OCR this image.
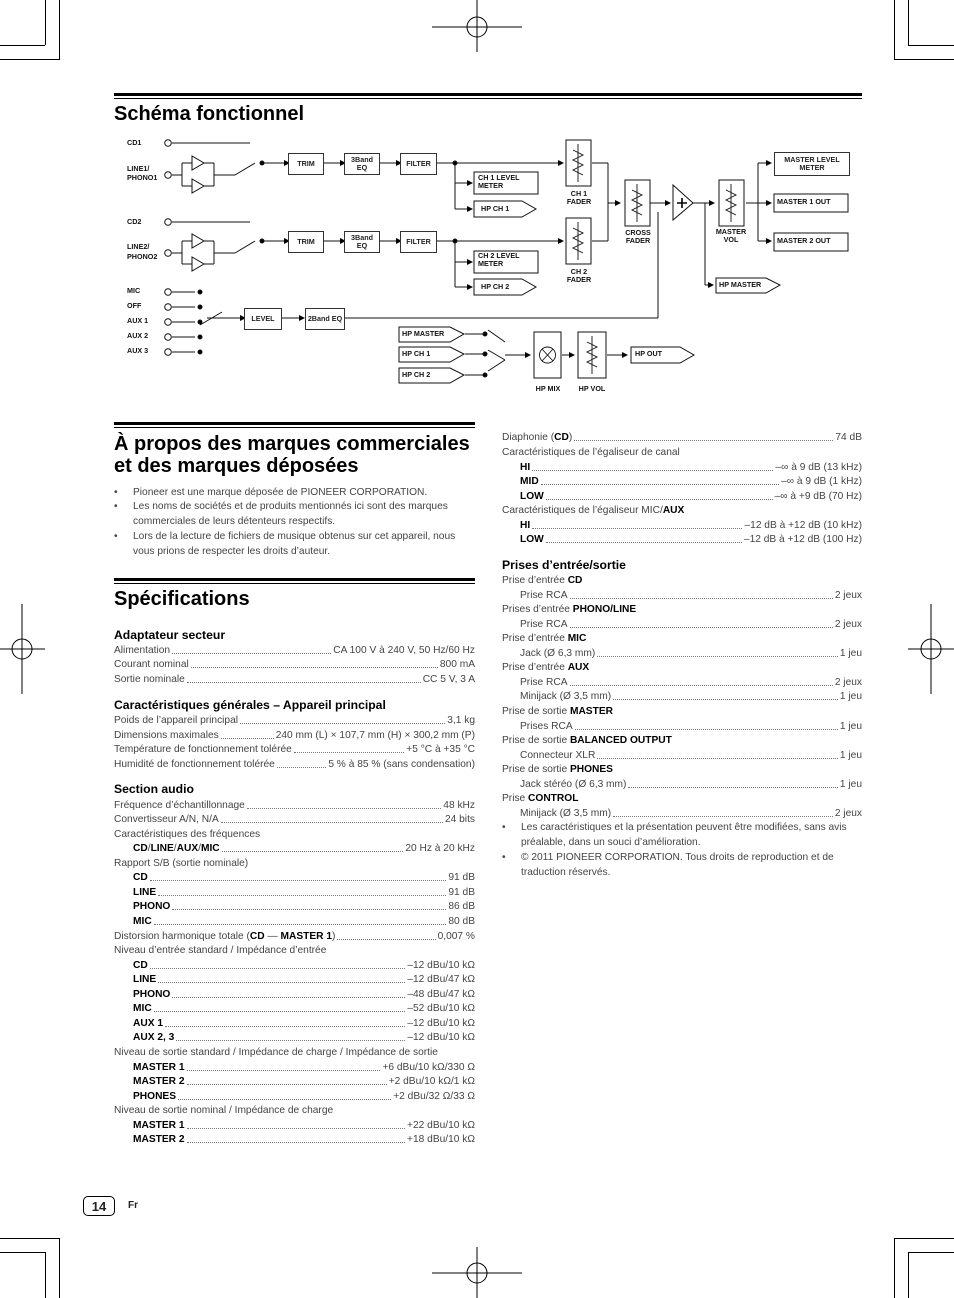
Schéma fonctionnel
CD1
LINE1/
PHONO1
CD2
LINE2/
PHONO2
MIC
OFF
AUX 1
AUX 2
AUX 3
TRIM	3Band EQ	FILTER
TRIM	3Band EQ	FILTER
LEVEL	2Band EQ
MASTER LEVEL METER
CH 1 LEVEL METER
HP CH 1
CH 2 LEVEL METER
HP CH 2
CH 1 FADER
CH 2 FADER
CROSS FADER
MASTER VOL
MASTER 1 OUT
MASTER 2 OUT
HP MASTER
HP MASTER
HP CH 1
HP CH 2
HP MIX	HP VOL
HP OUT
À propos des marques commerciales
et des marques déposées
• Pioneer est une marque déposée de PIONEER CORPORATION.
• Les noms de sociétés et de produits mentionnés ici sont des marques commerciales de leurs détenteurs respectifs.
• Lors de la lecture de fichiers de musique obtenus sur cet appareil, nous vous prions de respecter les droits d’auteur.
Spécifications
Adaptateur secteur
Alimentation	CA 100 V à 240 V, 50 Hz/60 Hz
Courant nominal	800 mA
Sortie nominale	CC 5 V, 3 A
Caractéristiques générales – Appareil principal
Poids de l’appareil principal	3,1 kg
Dimensions maximales	240 mm (L) × 107,7 mm (H) × 300,2 mm (P)
Température de fonctionnement tolérée	+5 °C à +35 °C
Humidité de fonctionnement tolérée	5 % à 85 % (sans condensation)
Section audio
Fréquence d’échantillonnage	48 kHz
Convertisseur A/N, N/A	24 bits
Caractéristiques des fréquences
CD/LINE/AUX/MIC	20 Hz à 20 kHz
Rapport S/B (sortie nominale)
CD	91 dB
LINE	91 dB
PHONO	86 dB
MIC	80 dB
Distorsion harmonique totale (CD — MASTER 1)	0,007 %
Niveau d’entrée standard / Impédance d’entrée
CD	–12 dBu/10 kΩ
LINE	–12 dBu/47 kΩ
PHONO	–48 dBu/47 kΩ
MIC	–52 dBu/10 kΩ
AUX 1	–12 dBu/10 kΩ
AUX 2, 3	–12 dBu/10 kΩ
Niveau de sortie standard / Impédance de charge / Impédance de sortie
MASTER 1	+6 dBu/10 kΩ/330 Ω
MASTER 2	+2 dBu/10 kΩ/1 kΩ
PHONES	+2 dBu/32 Ω/33 Ω
Niveau de sortie nominal / Impédance de charge
MASTER 1	+22 dBu/10 kΩ
MASTER 2	+18 dBu/10 kΩ
Diaphonie (CD)	74 dB
Caractéristiques de l’égaliseur de canal
HI	–∞ à 9 dB (13 kHz)
MID	–∞ à 9 dB (1 kHz)
LOW	–∞ à +9 dB (70 Hz)
Caractéristiques de l’égaliseur MIC/AUX
HI	–12 dB à +12 dB (10 kHz)
LOW	–12 dB à +12 dB (100 Hz)
Prises d’entrée/sortie
Prise d’entrée CD
Prise RCA	2 jeux
Prises d’entrée PHONO/LINE
Prise RCA	2 jeux
Prise d’entrée MIC
Jack (Ø 6,3 mm)	1 jeu
Prise d’entrée AUX
Prise RCA	2 jeux
Minijack (Ø 3,5 mm)	1 jeu
Prise de sortie MASTER
Prises RCA	1 jeu
Prise de sortie BALANCED OUTPUT
Connecteur XLR	1 jeu
Prise de sortie PHONES
Jack stéréo (Ø 6,3 mm)	1 jeu
Prise CONTROL
Minijack (Ø 3,5 mm)	2 jeux
• Les caractéristiques et la présentation peuvent être modifiées, sans avis préalable, dans un souci d’amélioration.
• © 2011 PIONEER CORPORATION. Tous droits de reproduction et de traduction réservés.
14	Fr
